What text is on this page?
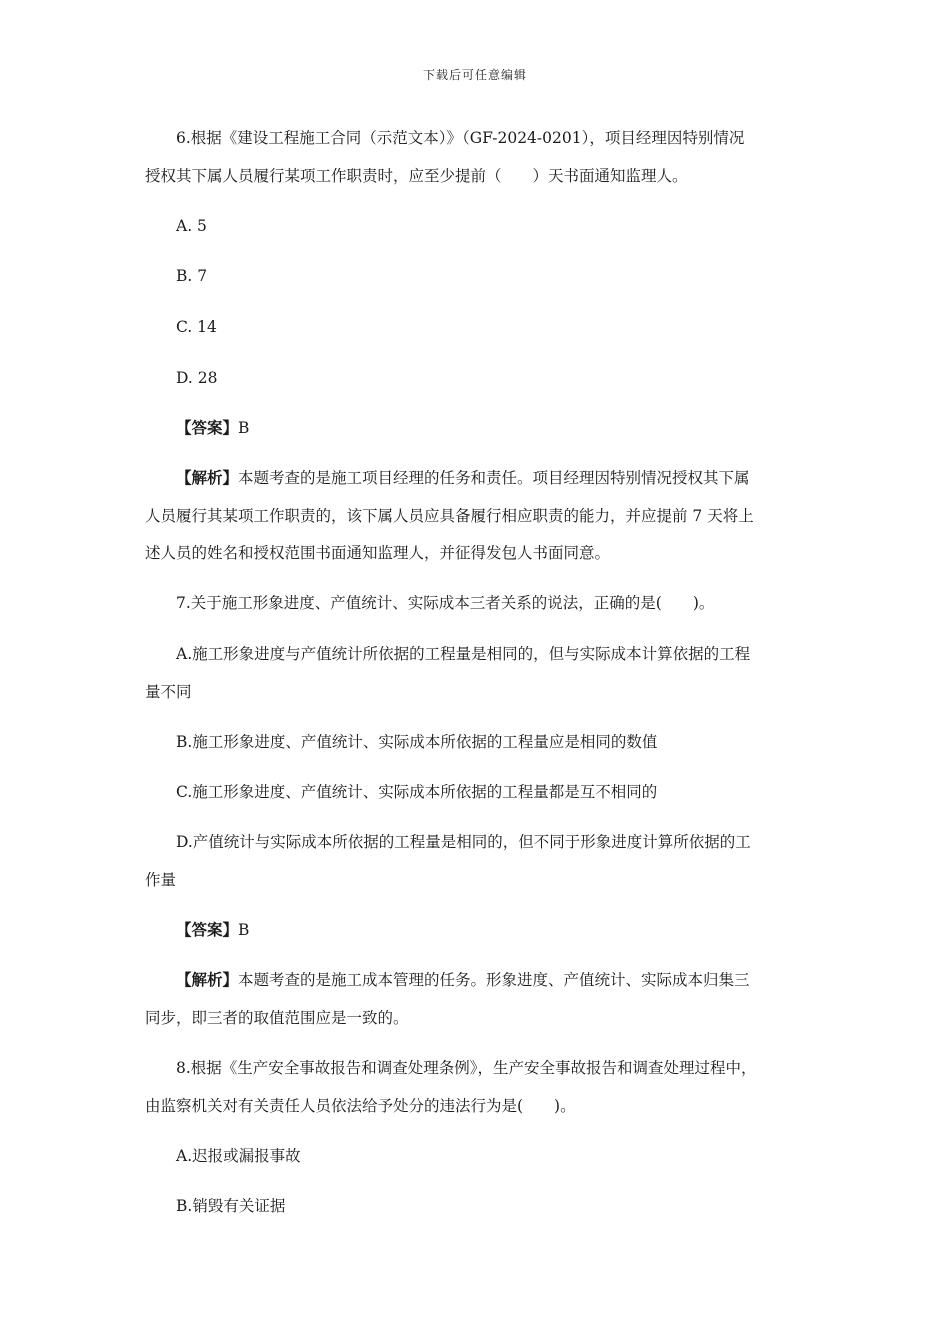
下载后可任意编辑
6.根据《建设工程施工合同（示范文本）》（GF-2024-0201），项目经理因特别情况
授权其下属人员履行某项工作职责时，应至少提前（　　）天书面通知监理人。
A. 5
B. 7
C. 14
D. 28
【答案】B
【解析】本题考查的是施工项目经理的任务和责任。项目经理因特别情况授权其下属
人员履行其某项工作职责的，该下属人员应具备履行相应职责的能力，并应提前 7 天将上
述人员的姓名和授权范围书面通知监理人，并征得发包人书面同意。
7.关于施工形象进度、产值统计、实际成本三者关系的说法，正确的是(　　)。
A.施工形象进度与产值统计所依据的工程量是相同的，但与实际成本计算依据的工程
量不同
B.施工形象进度、产值统计、实际成本所依据的工程量应是相同的数值
C.施工形象进度、产值统计、实际成本所依据的工程量都是互不相同的
D.产值统计与实际成本所依据的工程量是相同的，但不同于形象进度计算所依据的工
作量
【答案】B
【解析】本题考查的是施工成本管理的任务。形象进度、产值统计、实际成本归集三
同步，即三者的取值范围应是一致的。
8.根据《生产安全事故报告和调查处理条例》，生产安全事故报告和调查处理过程中，
由监察机关对有关责任人员依法给予处分的违法行为是(　　)。
A.迟报或漏报事故
B.销毁有关证据
